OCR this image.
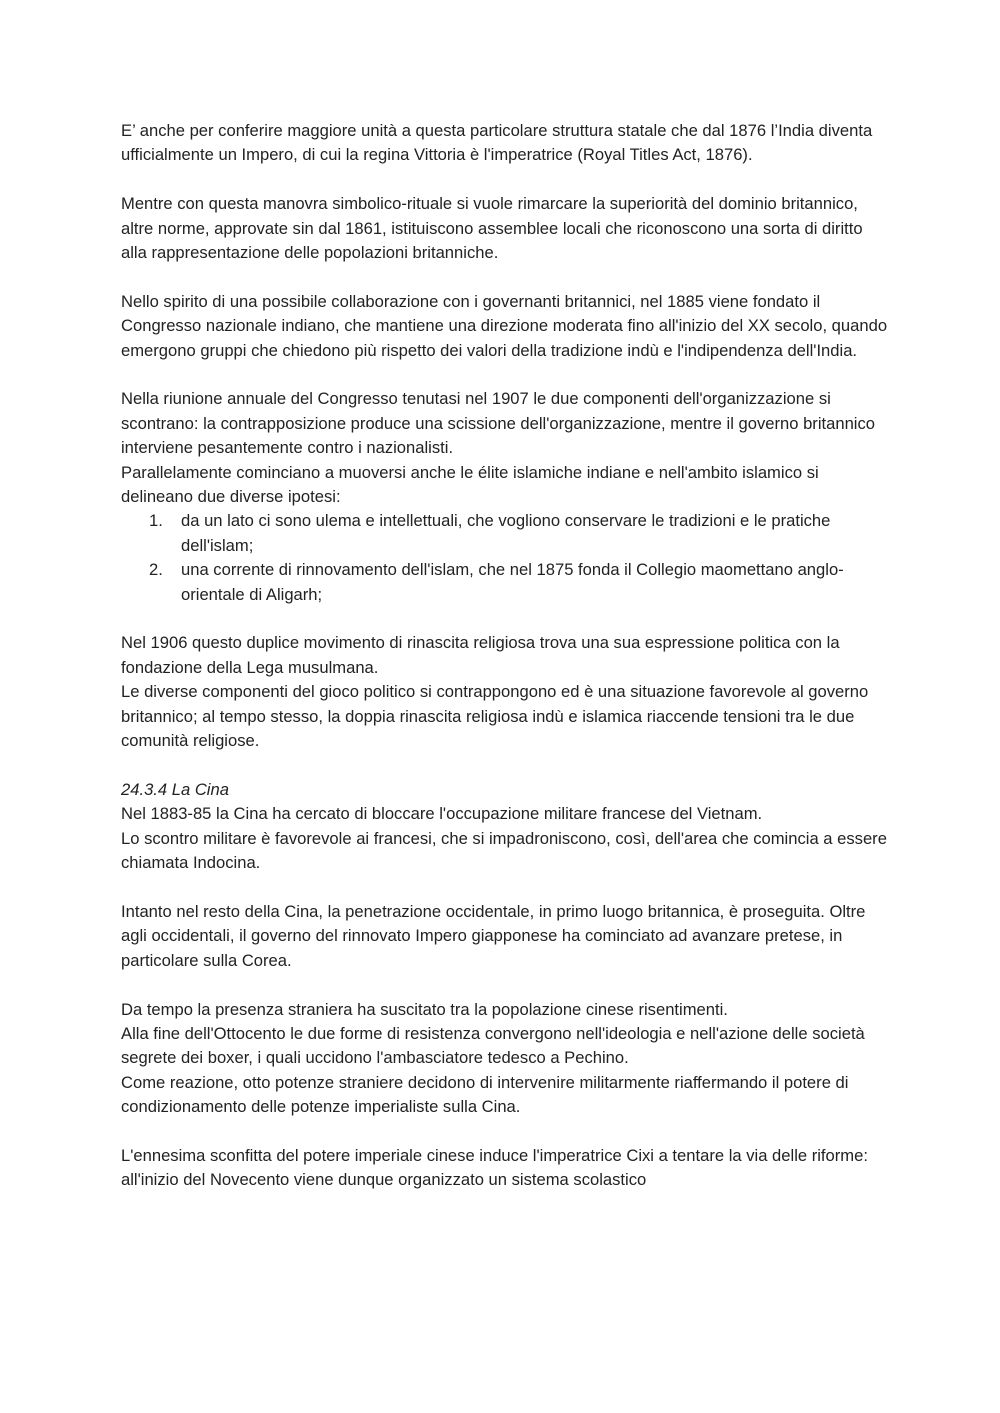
E’ anche per conferire maggiore unità a questa particolare struttura statale che dal 1876 l’India diventa ufficialmente un Impero, di cui la regina Vittoria è l'imperatrice (Royal Titles Act, 1876).

Mentre con questa manovra simbolico-rituale si vuole rimarcare la superiorità del dominio britannico, altre norme, approvate sin dal 1861, istituiscono assemblee locali che riconoscono una sorta di diritto alla rappresentazione delle popolazioni britanniche.

Nello spirito di una possibile collaborazione con i governanti britannici, nel 1885 viene fondato il Congresso nazionale indiano, che mantiene una direzione moderata fino all'inizio del XX secolo, quando emergono gruppi che chiedono più rispetto dei valori della tradizione indù e l'indipendenza dell'India.

Nella riunione annuale del Congresso tenutasi nel 1907 le due componenti dell'organizzazione si scontrano: la contrapposizione produce una scissione dell'organizzazione, mentre il governo britannico interviene pesantemente contro i nazionalisti.

Parallelamente cominciano a muoversi anche le élite islamiche indiane e nell'ambito islamico si delineano due diverse ipotesi:

1. da un lato ci sono ulema e intellettuali, che vogliono conservare le tradizioni e le pratiche dell'islam;
2. una corrente di rinnovamento dell'islam, che nel 1875 fonda il Collegio maomettano anglo-orientale di Aligarh;

Nel 1906 questo duplice movimento di rinascita religiosa trova una sua espressione politica con la fondazione della Lega musulmana.

Le diverse componenti del gioco politico si contrappongono ed è una situazione favorevole al governo britannico; al tempo stesso, la doppia rinascita religiosa indù e islamica riaccende tensioni tra le due comunità religiose.

24.3.4 La Cina

Nel 1883-85 la Cina ha cercato di bloccare l'occupazione militare francese del Vietnam.

Lo scontro militare è favorevole ai francesi, che si impadroniscono, così, dell'area che comincia a essere chiamata Indocina.

Intanto nel resto della Cina, la penetrazione occidentale, in primo luogo britannica, è proseguita. Oltre agli occidentali, il governo del rinnovato Impero giapponese ha cominciato ad avanzare pretese, in particolare sulla Corea.

Da tempo la presenza straniera ha suscitato tra la popolazione cinese risentimenti.

Alla fine dell'Ottocento le due forme di resistenza convergono nell'ideologia e nell'azione delle società segrete dei boxer, i quali uccidono l'ambasciatore tedesco a Pechino.

Come reazione, otto potenze straniere decidono di intervenire militarmente riaffermando il potere di condizionamento delle potenze imperialiste sulla Cina.

L'ennesima sconfitta del potere imperiale cinese induce l'imperatrice Cixi a tentare la via delle riforme: all'inizio del Novecento viene dunque organizzato un sistema scolastico
